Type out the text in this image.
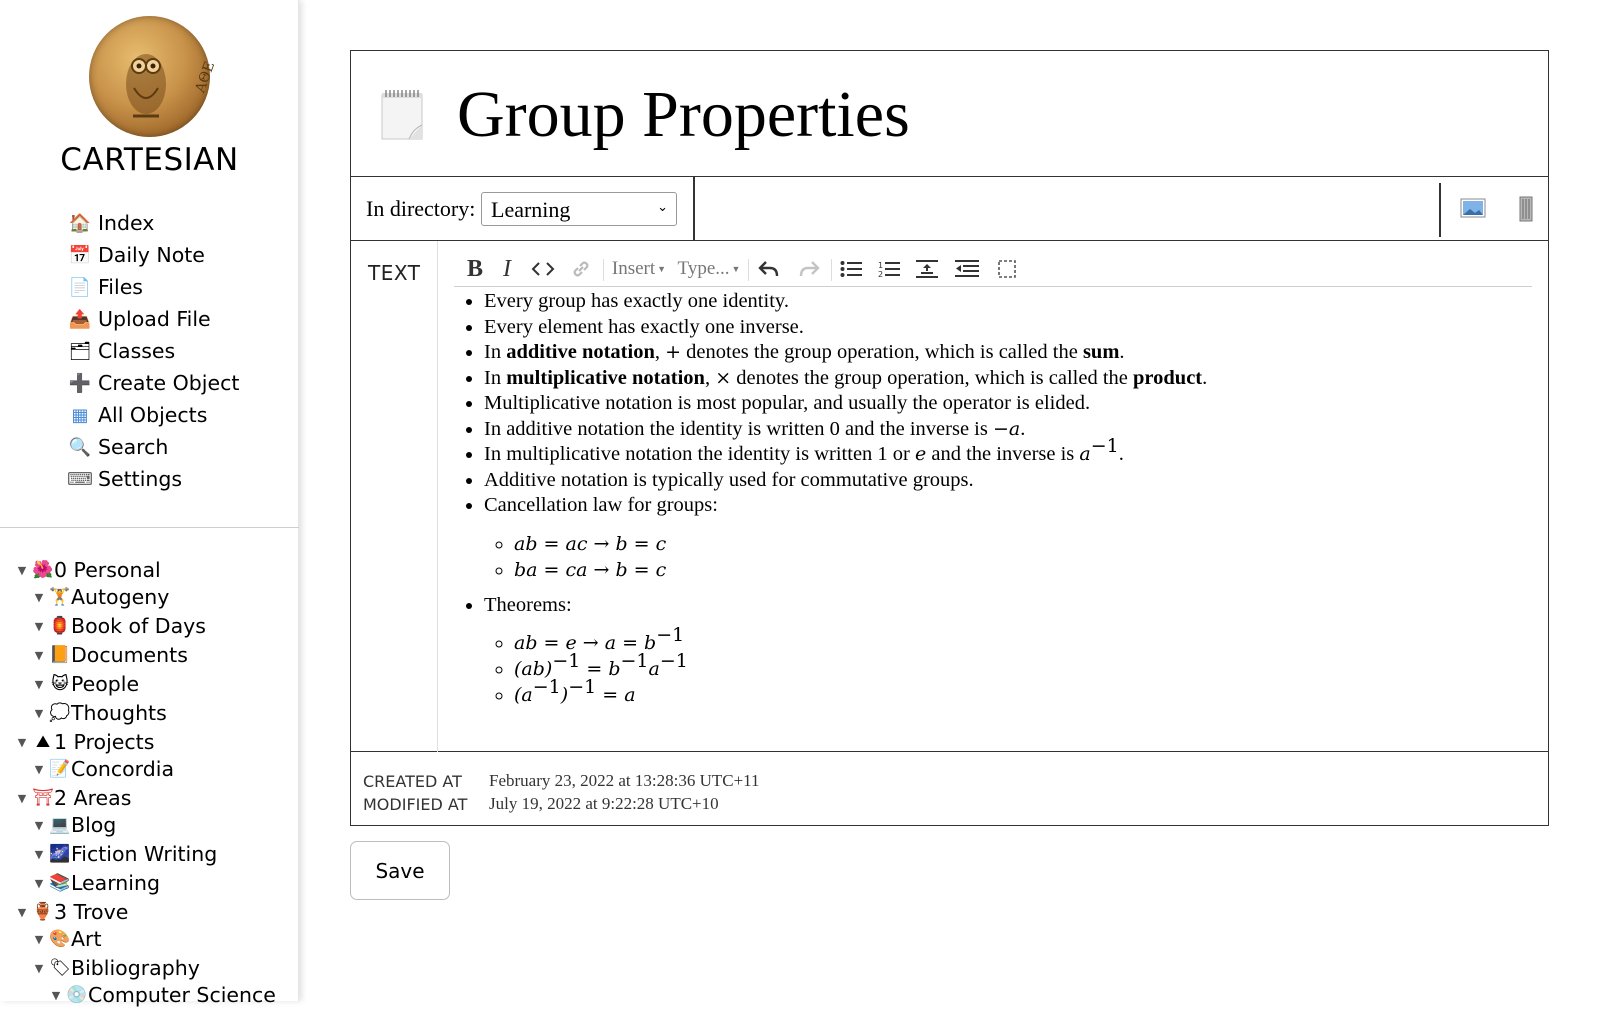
AΘE
CARTESIAN
🏠 Index
📅 Daily Note
📄 Files
📤 Upload File
🗂 Classes
➕ Create Object
▦ All Objects
🔍 Search
⌨ Settings
▼ 🌺 0 Personal
▼ 🏋 Autogeny
▼ 🏮 Book of Days
▼ 📙 Documents
▼ 😺 People
▼ 💭 Thoughts
▼ ⛰ 1 Projects
▼ 📝 Concordia
▼ ⛩ 2 Areas
▼ 💻 Blog
▼ 🌌 Fiction Writing
▼ 📚 Learning
▼ 🏺 3 Trove
▼ 🎨 Art
▼ 🏷 Bibliography
▼ 💿 Computer Science
Group Properties
In directory: Learning	⌄
TEXT B I	Insert ▼ Type... ▼	1
2
• Every group has exactly one identity.
• Every element has exactly one inverse.
• In additive notation, + denotes the group operation, which is called the sum.
• In multiplicative notation, × denotes the group operation, which is called the product.
• Multiplicative notation is most popular, and usually the operator is elided.
• In additive notation the identity is written 0 and the inverse is −a.
• In multiplicative notation the identity is written 1 or e and the inverse is $a^{-1}$.
• Additive notation is typically used for commutative groups.
• Cancellation law for groups:
◦ ab = ac → b = c
◦ ba = ca → b = c
• Theorems:
◦ ab = $e \to a = b^{-1}$
◦ $(ab)^{-1} = b^{-1}a^{-1}$
◦ $(a^{-1})^{-1} = a$
CREATED AT February 23, 2022 at 13:28:36 UTC+11
MODIFIED AT July 19, 2022 at 9:22:28 UTC+10
Save
